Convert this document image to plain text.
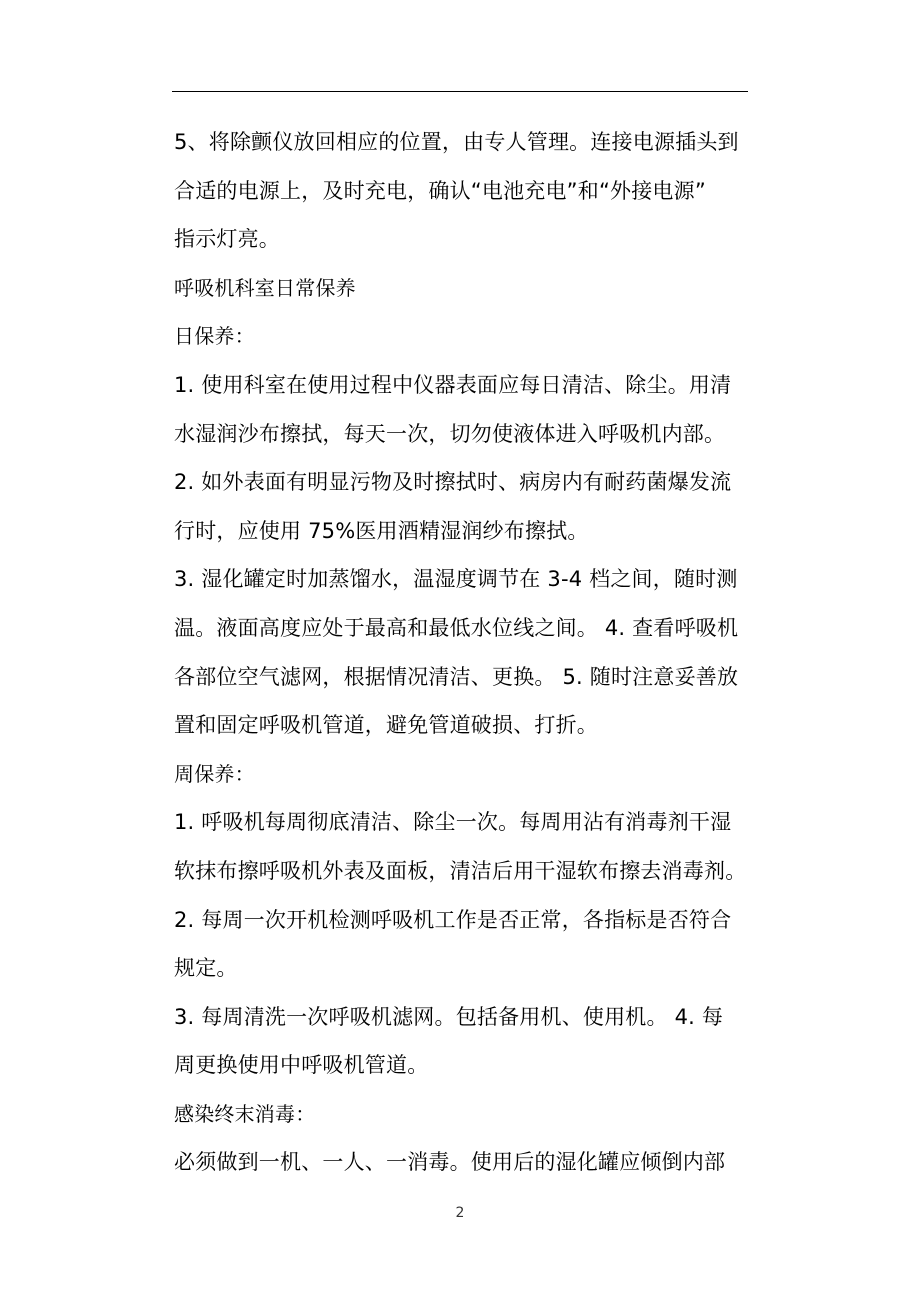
5、将除颤仪放回相应的位置，由专人管理。连接电源插头到
合适的电源上，及时充电，确认“电池充电”和“外接电源”
指示灯亮。
呼吸机科室日常保养
日保养：
1. 使用科室在使用过程中仪器表面应每日清洁、除尘。用清
水湿润沙布擦拭，每天一次，切勿使液体进入呼吸机内部。
2. 如外表面有明显污物及时擦拭时、病房内有耐药菌爆发流
行时，应使用 75%医用酒精湿润纱布擦拭。
3. 湿化罐定时加蒸馏水，温湿度调节在 3-4 档之间，随时测
温。液面高度应处于最高和最低水位线之间。 4. 查看呼吸机
各部位空气滤网，根据情况清洁、更换。 5. 随时注意妥善放
置和固定呼吸机管道，避免管道破损、打折。
周保养：
1. 呼吸机每周彻底清洁、除尘一次。每周用沾有消毒剂干湿
软抹布擦呼吸机外表及面板，清洁后用干湿软布擦去消毒剂。
2. 每周一次开机检测呼吸机工作是否正常，各指标是否符合
规定。
3. 每周清洗一次呼吸机滤网。包括备用机、使用机。 4. 每
周更换使用中呼吸机管道。
感染终末消毒：
必须做到一机、一人、一消毒。使用后的湿化罐应倾倒内部
2
